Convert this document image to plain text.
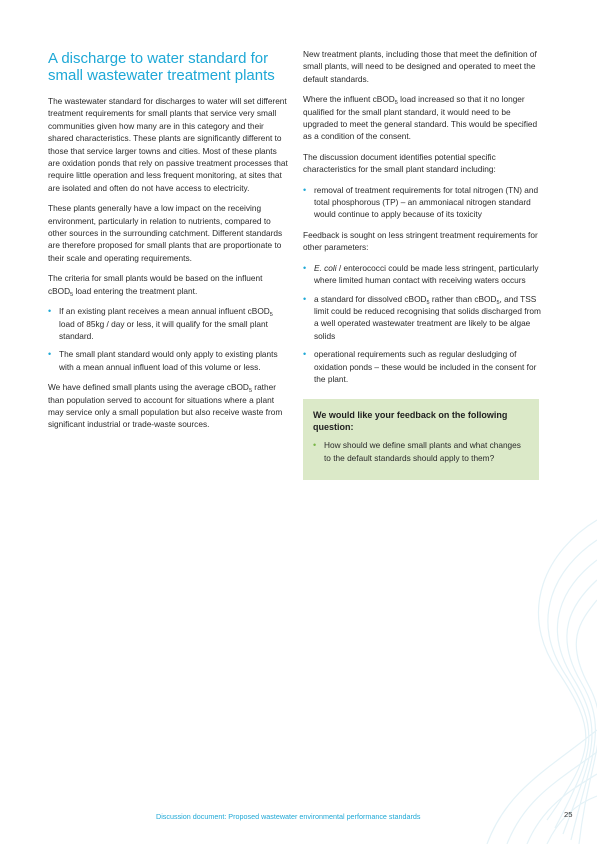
A discharge to water standard for small wastewater treatment plants

The wastewater standard for discharges to water will set different treatment requirements for small plants that service very small communities given how many are in this category and their shared characteristics. These plants are significantly different to those that service larger towns and cities. Most of these plants are oxidation ponds that rely on passive treatment processes that require little operation and less frequent monitoring, at sites that are isolated and often do not have access to electricity.

These plants generally have a low impact on the receiving environment, particularly in relation to nutrients, compared to other sources in the surrounding catchment. Different standards are therefore proposed for small plants that are proportionate to their scale and operating requirements.

The criteria for small plants would be based on the influent cBOD$_5$ load entering the treatment plant.

• If an existing plant receives a mean annual influent cBOD$_5$ load of 85kg / day or less, it will qualify for the small plant standard.
• The small plant standard would only apply to existing plants with a mean annual influent load of this volume or less.

We have defined small plants using the average cBOD$_5$ rather than population served to account for situations where a plant may service only a small population but also receive waste from significant industrial or trade-waste sources.

New treatment plants, including those that meet the definition of small plants, will need to be designed and operated to meet the default standards.

Where the influent cBOD$_5$ load increased so that it no longer qualified for the small plant standard, it would need to be upgraded to meet the general standard. This would be specified as a condition of the consent.

The discussion document identifies potential specific characteristics for the small plant standard including:

• removal of treatment requirements for total nitrogen (TN) and total phosphorous (TP) – an ammoniacal nitrogen standard would continue to apply because of its toxicity

Feedback is sought on less stringent treatment requirements for other parameters:

• E. coli / enterococci could be made less stringent, particularly where limited human contact with receiving waters occurs
• a standard for dissolved cBOD$_5$ rather than cBOD$_5$, and TSS limit could be reduced recognising that solids discharged from a well operated wastewater treatment are likely to be algae solids
• operational requirements such as regular desludging of oxidation ponds – these would be included in the consent for the plant.
We would like your feedback on the following question:
• How should we define small plants and what changes to the default standards should apply to them?
Discussion document: Proposed wastewater environmental performance standards	25
